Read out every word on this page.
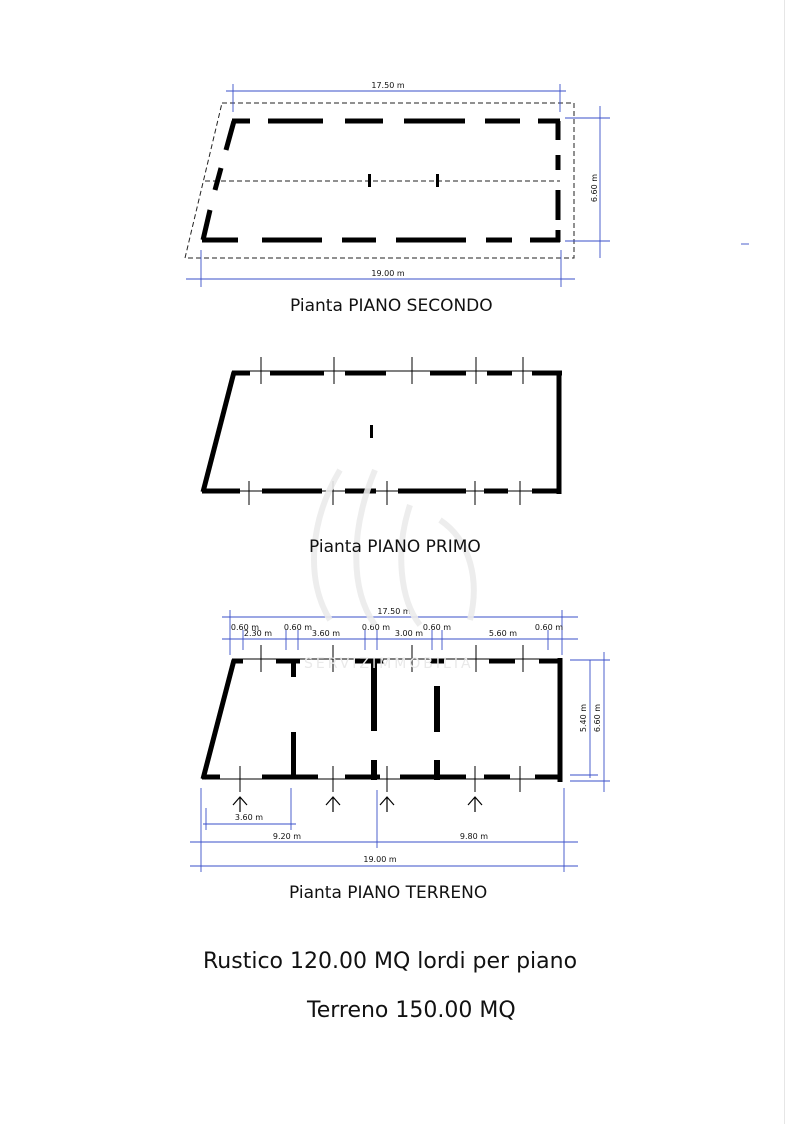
17.50 m
19.00 m
6.60 m
17.50 m
0.60 m
2.30 m
0.60 m
3.60 m
0.60 m
3.00 m
0.60 m
5.60 m
0.60 m
5.40 m 6.60 m
3.60 m
9.20 m	9.80 m
19.00 m
Pianta PIANO SECONDO
Pianta PIANO PRIMO
Pianta PIANO TERRENO
SERVIZIMMOBILIA
Rustico 120.00 MQ lordi per piano
Terreno 150.00 MQ
